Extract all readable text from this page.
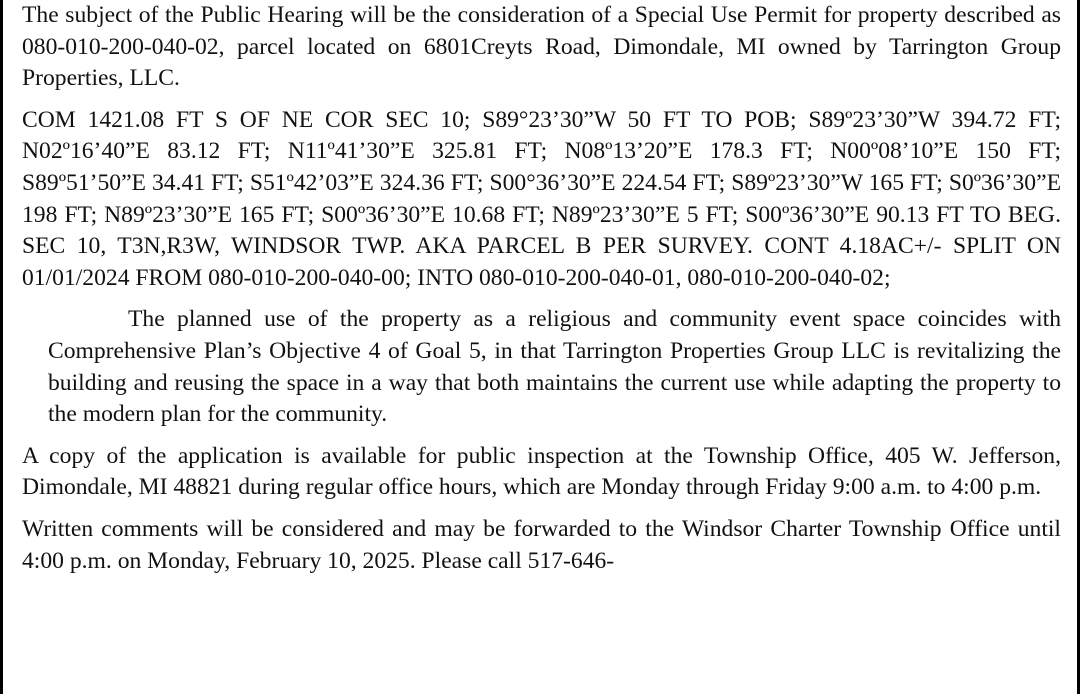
The subject of the Public Hearing will be the consideration of a Special Use Permit for property described as 080-010-200-040-02, parcel located on 6801Creyts Road, Dimondale, MI owned by Tarrington Group Properties, LLC.

COM 1421.08 FT S OF NE COR SEC 10; S89°23’30”W 50 FT TO POB; S89º23’30”W 394.72 FT; N02º16’40”E 83.12 FT; N11º41’30”E 325.81 FT; N08º13’20”E 178.3 FT; N00º08’10”E 150 FT; S89º51’50”E 34.41 FT; S51º42’03”E 324.36 FT; S00°36’30”E 224.54 FT; S89º23’30”W 165 FT; S0º36’30”E 198 FT; N89º23’30”E 165 FT; S00º36’30”E 10.68 FT; N89º23’30”E 5 FT; S00º36’30”E 90.13 FT TO BEG. SEC 10, T3N,R3W, WINDSOR TWP. AKA PARCEL B PER SURVEY. CONT 4.18AC+/- SPLIT ON 01/01/2024 FROM 080-010-200-040-00; INTO 080-010-200-040-01, 080-010-200-040-02;

The planned use of the property as a religious and community event space coincides with Comprehensive Plan’s Objective 4 of Goal 5, in that Tarrington Properties Group LLC is revitalizing the building and reusing the space in a way that both maintains the current use while adapting the property to the modern plan for the community.

A copy of the application is available for public inspection at the Township Office, 405 W. Jefferson, Dimondale, MI 48821 during regular office hours, which are Monday through Friday 9:00 a.m. to 4:00 p.m.

Written comments will be considered and may be forwarded to the Windsor Charter Township Office until 4:00 p.m. on Monday, February 10, 2025. Please call 517-646-
